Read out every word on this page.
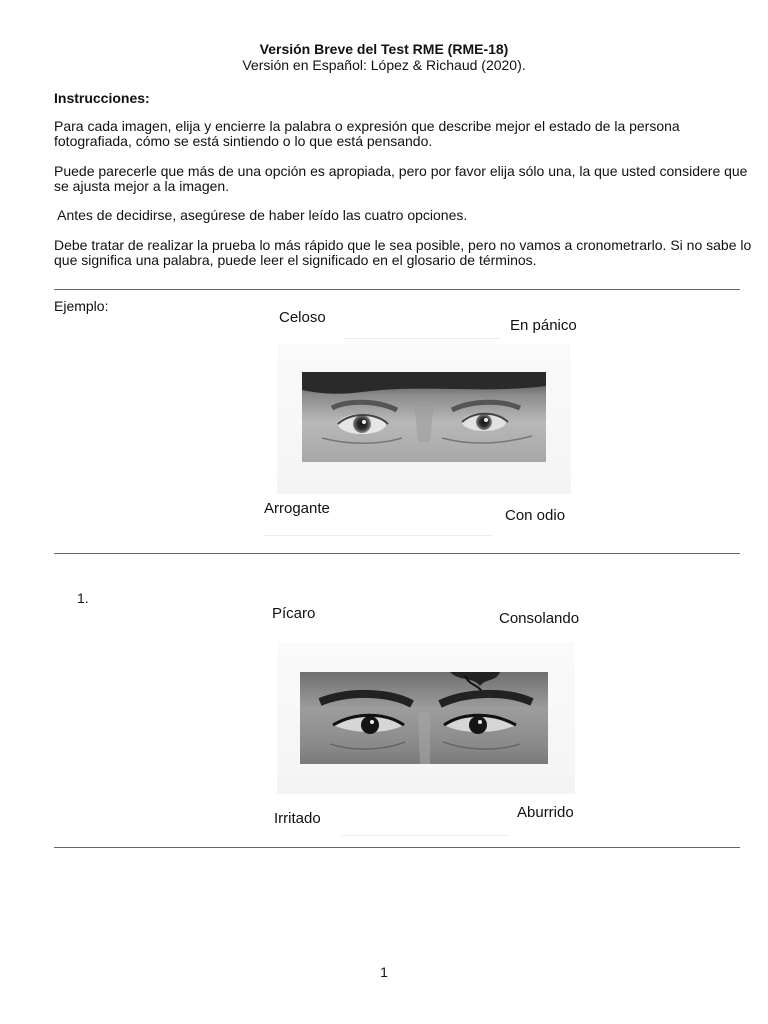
Versión Breve del Test RME (RME-18)
Versión en Español: López & Richaud (2020).
Instrucciones:
Para cada imagen, elija y encierre la palabra o expresión que describe mejor el estado de la persona fotografiada, cómo se está sintiendo o lo que está pensando.
Puede parecerle que más de una opción es apropiada, pero por favor elija sólo una, la que usted considere que se ajusta mejor a la imagen.
Antes de decidirse, asegúrese de haber leído las cuatro opciones.
Debe tratar de realizar la prueba lo más rápido que le sea posible, pero no vamos a cronometrarlo. Si no sabe lo que significa una palabra, puede leer el significado en el glosario de términos.
Ejemplo:
Celoso	En pánico
Arrogante	Con odio
1.
Pícaro	Consolando
Aburrido
Irritado
1
